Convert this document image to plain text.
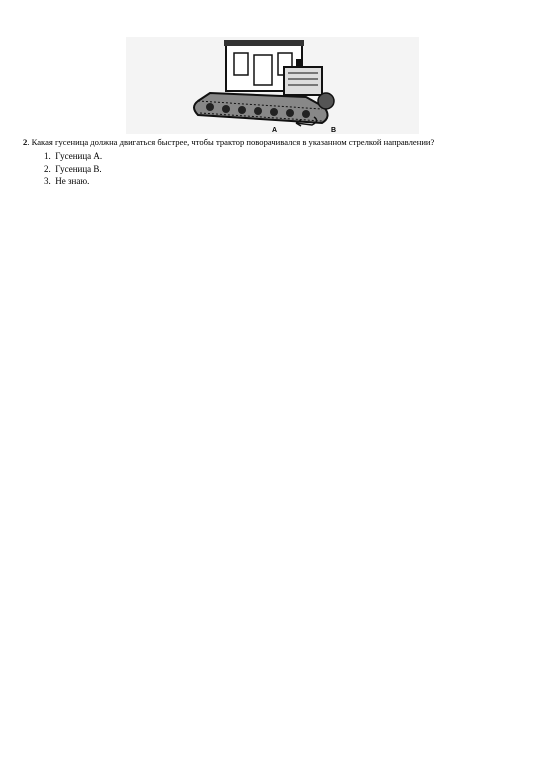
A	B
2. Какая гусеница должна двигаться быстрее, чтобы трактор поворачивался в указанном стрелкой направлении?
1. Гусеница А.
2. Гусеница В.
3. Не знаю.
